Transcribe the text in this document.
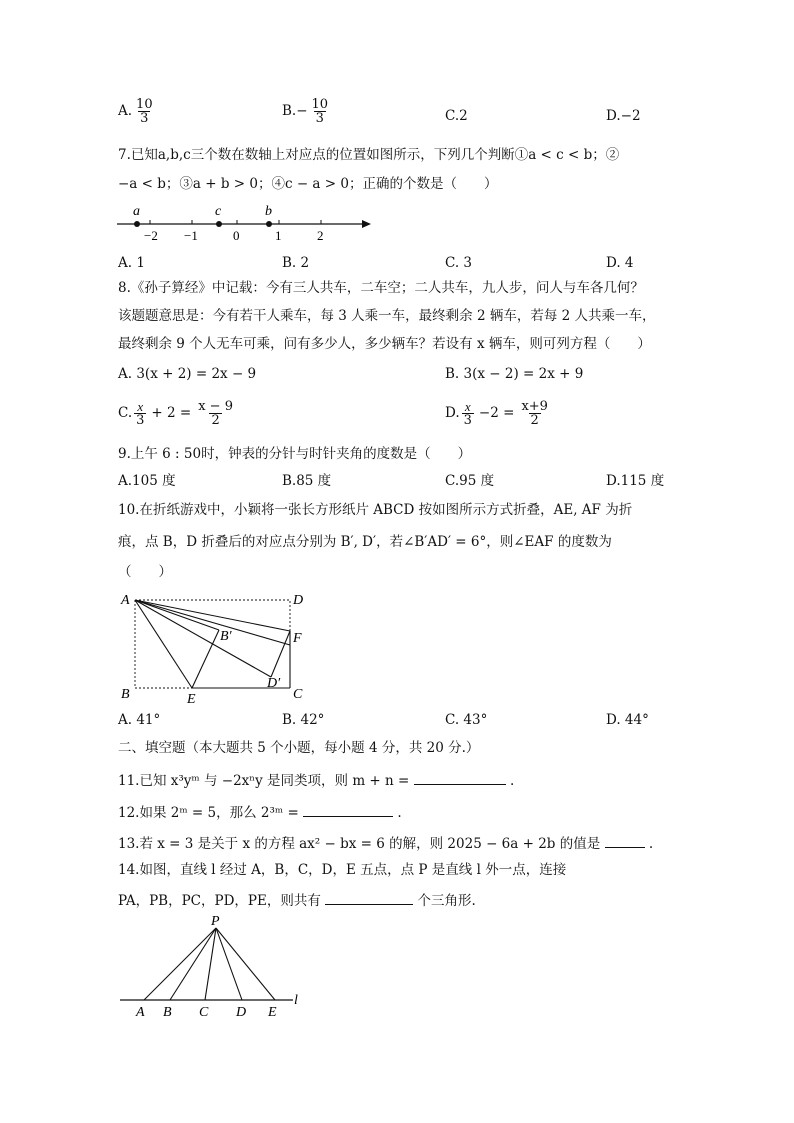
A. $\frac{10}{3}$	$B.- \frac{10}{3}$	C.2	D.−2
7.已知a,b,c三个数在数轴上对应点的位置如图所示，下列几个判断①a < c < b；②
−a < b；③a + b > 0；④c − a > 0；正确的个数是（　　）
−2 −1	0	1	2
a	c	b
A. 1	B. 2	C. 3	D. 4
8.《孙子算经》中记载：今有三人共车，二车空；二人共车，九人步，问人与车各几何？
该题题意思是：今有若干人乘车，每 3 人乘一车，最终剩余 2 辆车，若每 2 人共乘一车，
最终剩余 9 个人无车可乘，问有多少人，多少辆车？若设有 x 辆车，则可列方程（　　）
A. 3(x + 2) = 2x − 9	B. 3(x − 2) = 2x + 9
C. $\frac{x}{3} + 2 = \frac{x - 9}{2}$	D. $\frac{x}{3} -2 = \frac{x+9}{2}$
9.上午 6 : 50时，钟表的分针与时针夹角的度数是（　　）
A.105 度	B.85 度	C.95 度	D.115 度
10.在折纸游戏中，小颖将一张长方形纸片 ABCD 按如图所示方式折叠，AE, AF 为折
痕，点 B，D 折叠后的对应点分别为 B′, D′，若∠B′AD′ = 6°，则∠EAF 的度数为
（　　）
A	D
B′	F
D′
B	E	C
A. 41°	B. 42°	C. 43°	D. 44°
二、填空题（本大题共 5 个小题，每小题 4 分，共 20 分.）
11.已知 x³yᵐ 与 −2xⁿy 是同类项，则 m + n =	.
12.如果 2ᵐ = 5，那么 2³ᵐ =	.
13.若 x = 3 是关于 x 的方程 ax² − bx = 6 的解，则 2025 − 6a + 2b 的值是	.
14.如图，直线 l 经过 A，B，C，D，E 五点，点 P 是直线 l 外一点，连接
PA，PB，PC，PD，PE，则共有	个三角形.
P
A B C D E
l
